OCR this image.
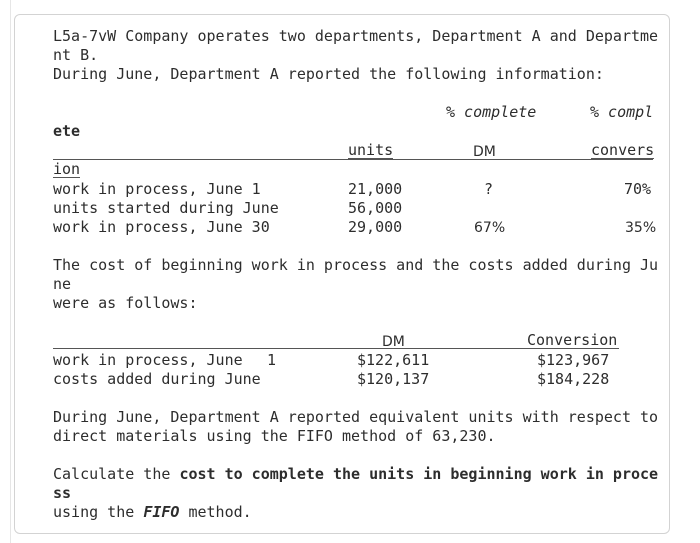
L5a-7vW Company operates two departments, Department A and Departme
nt B.
During June, Department A reported the following information:
% complete	% compl
ete
units	DM	convers
ion
work in process, June 1	21,000	?	70%
units started during June	56,000
work in process, June 30	29,000	67%	35%
The cost of beginning work in process and the costs added during Ju
ne
were as follows:
DM	Conversion
work in process, June 1	$122,611	$123,967
costs added during June	$120,137	$184,228
During June, Department A reported equivalent units with respect to
direct materials using the FIFO method of 63,230.
Calculate the cost to complete the units in beginning work in proce
ss
using the FIFO method.
